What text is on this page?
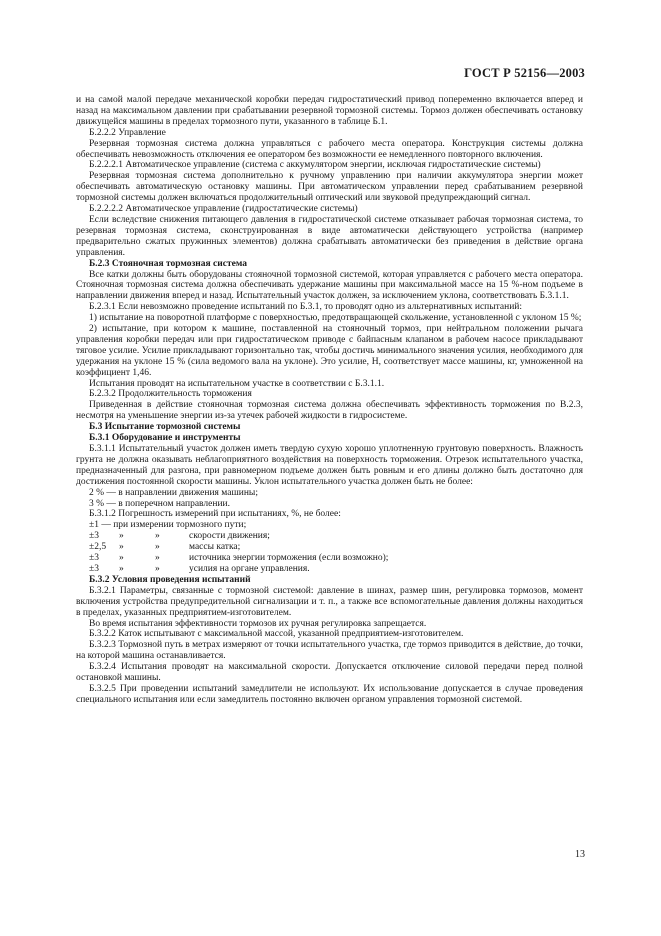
ГОСТ Р 52156—2003

и на самой малой передаче механической коробки передач гидростатический привод попеременно включается вперед и назад на максимальном давлении при срабатывании резервной тормозной системы. Тормоз должен обеспечивать остановку движущейся машины в пределах тормозного пути, указанного в таблице Б.1.

Б.2.2.2 Управление

Резервная тормозная система должна управляться с рабочего места оператора. Конструкция системы должна обеспечивать невозможность отключения ее оператором без возможности ее немедленного повторного включения.

Б.2.2.2.1 Автоматическое управление (система с аккумулятором энергии, исключая гидростатические системы)

Резервная тормозная система дополнительно к ручному управлению при наличии аккумулятора энергии может обеспечивать автоматическую остановку машины. При автоматическом управлении перед срабатыванием резервной тормозной системы должен включаться продолжительный оптический или звуковой предупреждающий сигнал.

Б.2.2.2.2 Автоматическое управление (гидростатические системы)

Если вследствие снижения питающего давления в гидростатической системе отказывает рабочая тормозная система, то резервная тормозная система, сконструированная в виде автоматически действующего устройства (например предварительно сжатых пружинных элементов) должна срабатывать автоматически без приведения в действие органа управления.

Б.2.3 Стояночная тормозная система

Все катки должны быть оборудованы стояночной тормозной системой, которая управляется с рабочего места оператора. Стояночная тормозная система должна обеспечивать удержание машины при максимальной массе на 15 %-ном подъеме в направлении движения вперед и назад. Испытательный участок должен, за исключением уклона, соответствовать Б.3.1.1.

Б.2.3.1 Если невозможно проведение испытаний по Б.3.1, то проводят одно из альтернативных испытаний:

1) испытание на поворотной платформе с поверхностью, предотвращающей скольжение, установленной с уклоном 15 %;

2) испытание, при котором к машине, поставленной на стояночный тормоз, при нейтральном положении рычага управления коробки передач или при гидростатическом приводе с байпасным клапаном в рабочем насосе прикладывают тяговое усилие. Усилие прикладывают горизонтально так, чтобы достичь минимального значения усилия, необходимого для удержания на уклоне 15 % (сила ведомого вала на уклоне). Это усилие, Н, соответствует массе машины, кг, умноженной на коэффициент 1,46.

Испытания проводят на испытательном участке в соответствии с Б.3.1.1.

Б.2.3.2 Продолжительность торможения

Приведенная в действие стояночная тормозная система должна обеспечивать эффективность торможения по В.2.3, несмотря на уменьшение энергии из-за утечек рабочей жидкости в гидросистеме.

Б.3 Испытание тормозной системы

Б.3.1 Оборудование и инструменты

Б.3.1.1 Испытательный участок должен иметь твердую сухую хорошо уплотненную грунтовую поверхность. Влажность грунта не должна оказывать неблагоприятного воздействия на поверхность торможения. Отрезок испытательного участка, предназначенный для разгона, при равномерном подъеме должен быть ровным и его длины должно быть достаточно для достижения постоянной скорости машины. Уклон испытательного участка должен быть не более:

2 % — в направлении движения машины;

3 % — в поперечном направлении.

Б.3.1.2 Погрешность измерений при испытаниях, %, не более:

±1 — при измерении тормозного пути;

±3	»	»	скорости движения;
±2,5	»	»	массы катка;
±3	»	»	источника энергии торможения (если возможно);
±3	»	»	усилия на органе управления.

Б.3.2 Условия проведения испытаний

Б.3.2.1 Параметры, связанные с тормозной системой: давление в шинах, размер шин, регулировка тормозов, момент включения устройства предупредительной сигнализации и т. п., а также все вспомогательные давления должны находиться в пределах, указанных предприятием-изготовителем.

Во время испытания эффективности тормозов их ручная регулировка запрещается.

Б.3.2.2 Каток испытывают с максимальной массой, указанной предприятием-изготовителем.

Б.3.2.3 Тормозной путь в метрах измеряют от точки испытательного участка, где тормоз приводится в действие, до точки, на которой машина останавливается.

Б.3.2.4 Испытания проводят на максимальной скорости. Допускается отключение силовой передачи перед полной остановкой машины.

Б.3.2.5 При проведении испытаний замедлители не используют. Их использование допускается в случае проведения специального испытания или если замедлитель постоянно включен органом управления тормозной системой.

13
